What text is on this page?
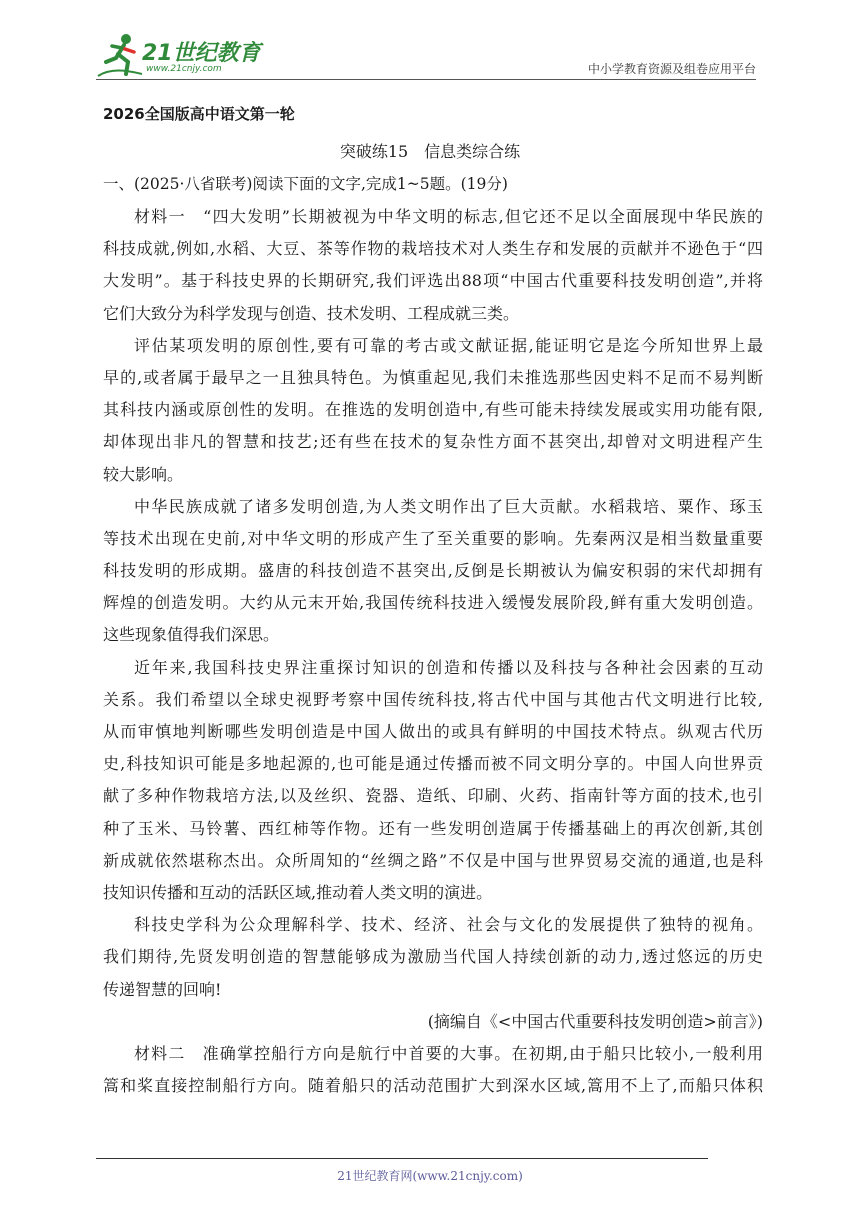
21世纪教育
www.21cnjy.com	中小学教育资源及组卷应用平台
2026全国版高中语文第一轮
突破练15　信息类综合练
一、(2025·八省联考)阅读下面的文字,完成1~5题。(19分)
材料一　“四大发明”长期被视为中华文明的标志,但它还不足以全面展现中华民族的
科技成就,例如,水稻、大豆、茶等作物的栽培技术对人类生存和发展的贡献并不逊色于“四
大发明”。基于科技史界的长期研究,我们评选出88项“中国古代重要科技发明创造”,并将
它们大致分为科学发现与创造、技术发明、工程成就三类。
评估某项发明的原创性,要有可靠的考古或文献证据,能证明它是迄今所知世界上最
早的,或者属于最早之一且独具特色。为慎重起见,我们未推选那些因史料不足而不易判断
其科技内涵或原创性的发明。在推选的发明创造中,有些可能未持续发展或实用功能有限,
却体现出非凡的智慧和技艺;还有些在技术的复杂性方面不甚突出,却曾对文明进程产生
较大影响。
中华民族成就了诸多发明创造,为人类文明作出了巨大贡献。水稻栽培、粟作、琢玉
等技术出现在史前,对中华文明的形成产生了至关重要的影响。先秦两汉是相当数量重要
科技发明的形成期。盛唐的科技创造不甚突出,反倒是长期被认为偏安积弱的宋代却拥有
辉煌的创造发明。大约从元末开始,我国传统科技进入缓慢发展阶段,鲜有重大发明创造。
这些现象值得我们深思。
近年来,我国科技史界注重探讨知识的创造和传播以及科技与各种社会因素的互动
关系。我们希望以全球史视野考察中国传统科技,将古代中国与其他古代文明进行比较,
从而审慎地判断哪些发明创造是中国人做出的或具有鲜明的中国技术特点。纵观古代历
史,科技知识可能是多地起源的,也可能是通过传播而被不同文明分享的。中国人向世界贡
献了多种作物栽培方法,以及丝织、瓷器、造纸、印刷、火药、指南针等方面的技术,也引
种了玉米、马铃薯、西红柿等作物。还有一些发明创造属于传播基础上的再次创新,其创
新成就依然堪称杰出。众所周知的“丝绸之路”不仅是中国与世界贸易交流的通道,也是科
技知识传播和互动的活跃区域,推动着人类文明的演进。
科技史学科为公众理解科学、技术、经济、社会与文化的发展提供了独特的视角。
我们期待,先贤发明创造的智慧能够成为激励当代国人持续创新的动力,透过悠远的历史
传递智慧的回响!
(摘编自《<中国古代重要科技发明创造>前言》)
材料二　准确掌控船行方向是航行中首要的大事。在初期,由于船只比较小,一般利用
篙和桨直接控制船行方向。随着船只的活动范围扩大到深水区域,篙用不上了,而船只体积
21世纪教育网(www.21cnjy.com)
